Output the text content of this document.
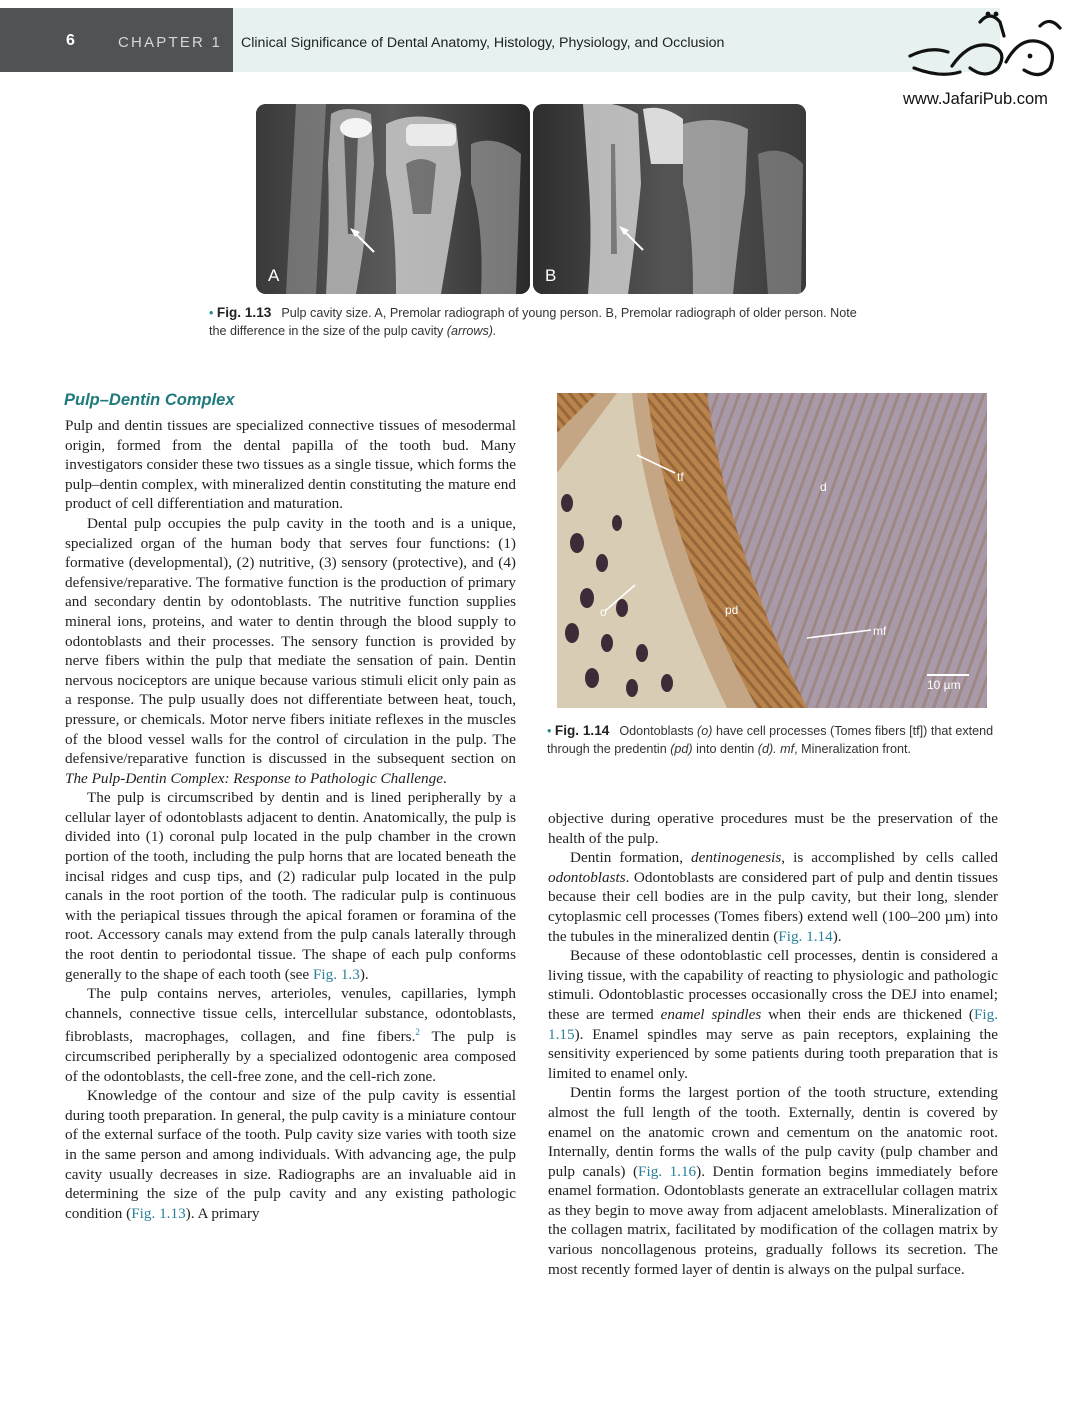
6	CHAPTER 1 Clinical Significance of Dental Anatomy, Histology, Physiology, and Occlusion
www.JafariPub.com
A	B
• Fig. 1.13 Pulp cavity size. A, Premolar radiograph of young person. B, Premolar radiograph of older person. Note the difference in the size of the pulp cavity (arrows).
Pulp–Dentin Complex
tf
d
o	pd
mf
10 µm
• Fig. 1.14 Odontoblasts (o) have cell processes (Tomes fibers [tf]) that extend through the predentin (pd) into dentin (d). mf, Mineralization front.

Pulp and dentin tissues are specialized connective tissues of mesodermal origin, formed from the dental papilla of the tooth bud. Many investigators consider these two tissues as a single tissue, which forms the pulp–dentin complex, with mineralized dentin constituting the mature end product of cell differentiation and maturation.

Dental pulp occupies the pulp cavity in the tooth and is a unique, specialized organ of the human body that serves four functions: (1) formative (developmental), (2) nutritive, (3) sensory (protective), and (4) defensive/reparative. The formative function is the production of primary and secondary dentin by odontoblasts. The nutritive function supplies mineral ions, proteins, and water to dentin through the blood supply to odontoblasts and their processes. The sensory function is provided by nerve fibers within the pulp that mediate the sensation of pain. Dentin nervous nociceptors are unique because various stimuli elicit only pain as a response. The pulp usually does not differentiate between heat, touch, pressure, or chemicals. Motor nerve fibers initiate reflexes in the muscles of the blood vessel walls for the control of circulation in the pulp. The defensive/reparative function is discussed in the subsequent section on The Pulp-Dentin Complex: Response to Pathologic Challenge.

The pulp is circumscribed by dentin and is lined peripherally by a cellular layer of odontoblasts adjacent to dentin. Anatomically, the pulp is divided into (1) coronal pulp located in the pulp chamber in the crown portion of the tooth, including the pulp horns that are located beneath the incisal ridges and cusp tips, and (2) radicular pulp located in the pulp canals in the root portion of the tooth. The radicular pulp is continuous with the periapical tissues through the apical foramen or foramina of the root. Accessory canals may extend from the pulp canals laterally through the root dentin to periodontal tissue. The shape of each pulp conforms generally to the shape of each tooth (see Fig. 1.3).

The pulp contains nerves, arterioles, venules, capillaries, lymph channels, connective tissue cells, intercellular substance, odontoblasts, fibroblasts, macrophages, collagen, and fine fibers.$^2$ The pulp is circumscribed peripherally by a specialized odontogenic area composed of the odontoblasts, the cell-free zone, and the cell-rich zone.

Knowledge of the contour and size of the pulp cavity is essential during tooth preparation. In general, the pulp cavity is a miniature contour of the external surface of the tooth. Pulp cavity size varies with tooth size in the same person and among individuals. With advancing age, the pulp cavity usually decreases in size. Radiographs are an invaluable aid in determining the size of the pulp cavity and any existing pathologic condition (Fig. 1.13). A primary

objective during operative procedures must be the preservation of the health of the pulp.

Dentin formation, dentinogenesis, is accomplished by cells called odontoblasts. Odontoblasts are considered part of pulp and dentin tissues because their cell bodies are in the pulp cavity, but their long, slender cytoplasmic cell processes (Tomes fibers) extend well (100–200 µm) into the tubules in the mineralized dentin (Fig. 1.14).

Because of these odontoblastic cell processes, dentin is considered a living tissue, with the capability of reacting to physiologic and pathologic stimuli. Odontoblastic processes occasionally cross the DEJ into enamel; these are termed enamel spindles when their ends are thickened (Fig. 1.15). Enamel spindles may serve as pain receptors, explaining the sensitivity experienced by some patients during tooth preparation that is limited to enamel only.

Dentin forms the largest portion of the tooth structure, extending almost the full length of the tooth. Externally, dentin is covered by enamel on the anatomic crown and cementum on the anatomic root. Internally, dentin forms the walls of the pulp cavity (pulp chamber and pulp canals) (Fig. 1.16). Dentin formation begins immediately before enamel formation. Odontoblasts generate an extracellular collagen matrix as they begin to move away from adjacent ameloblasts. Mineralization of the collagen matrix, facilitated by modification of the collagen matrix by various noncollagenous proteins, gradually follows its secretion. The most recently formed layer of dentin is always on the pulpal surface.
